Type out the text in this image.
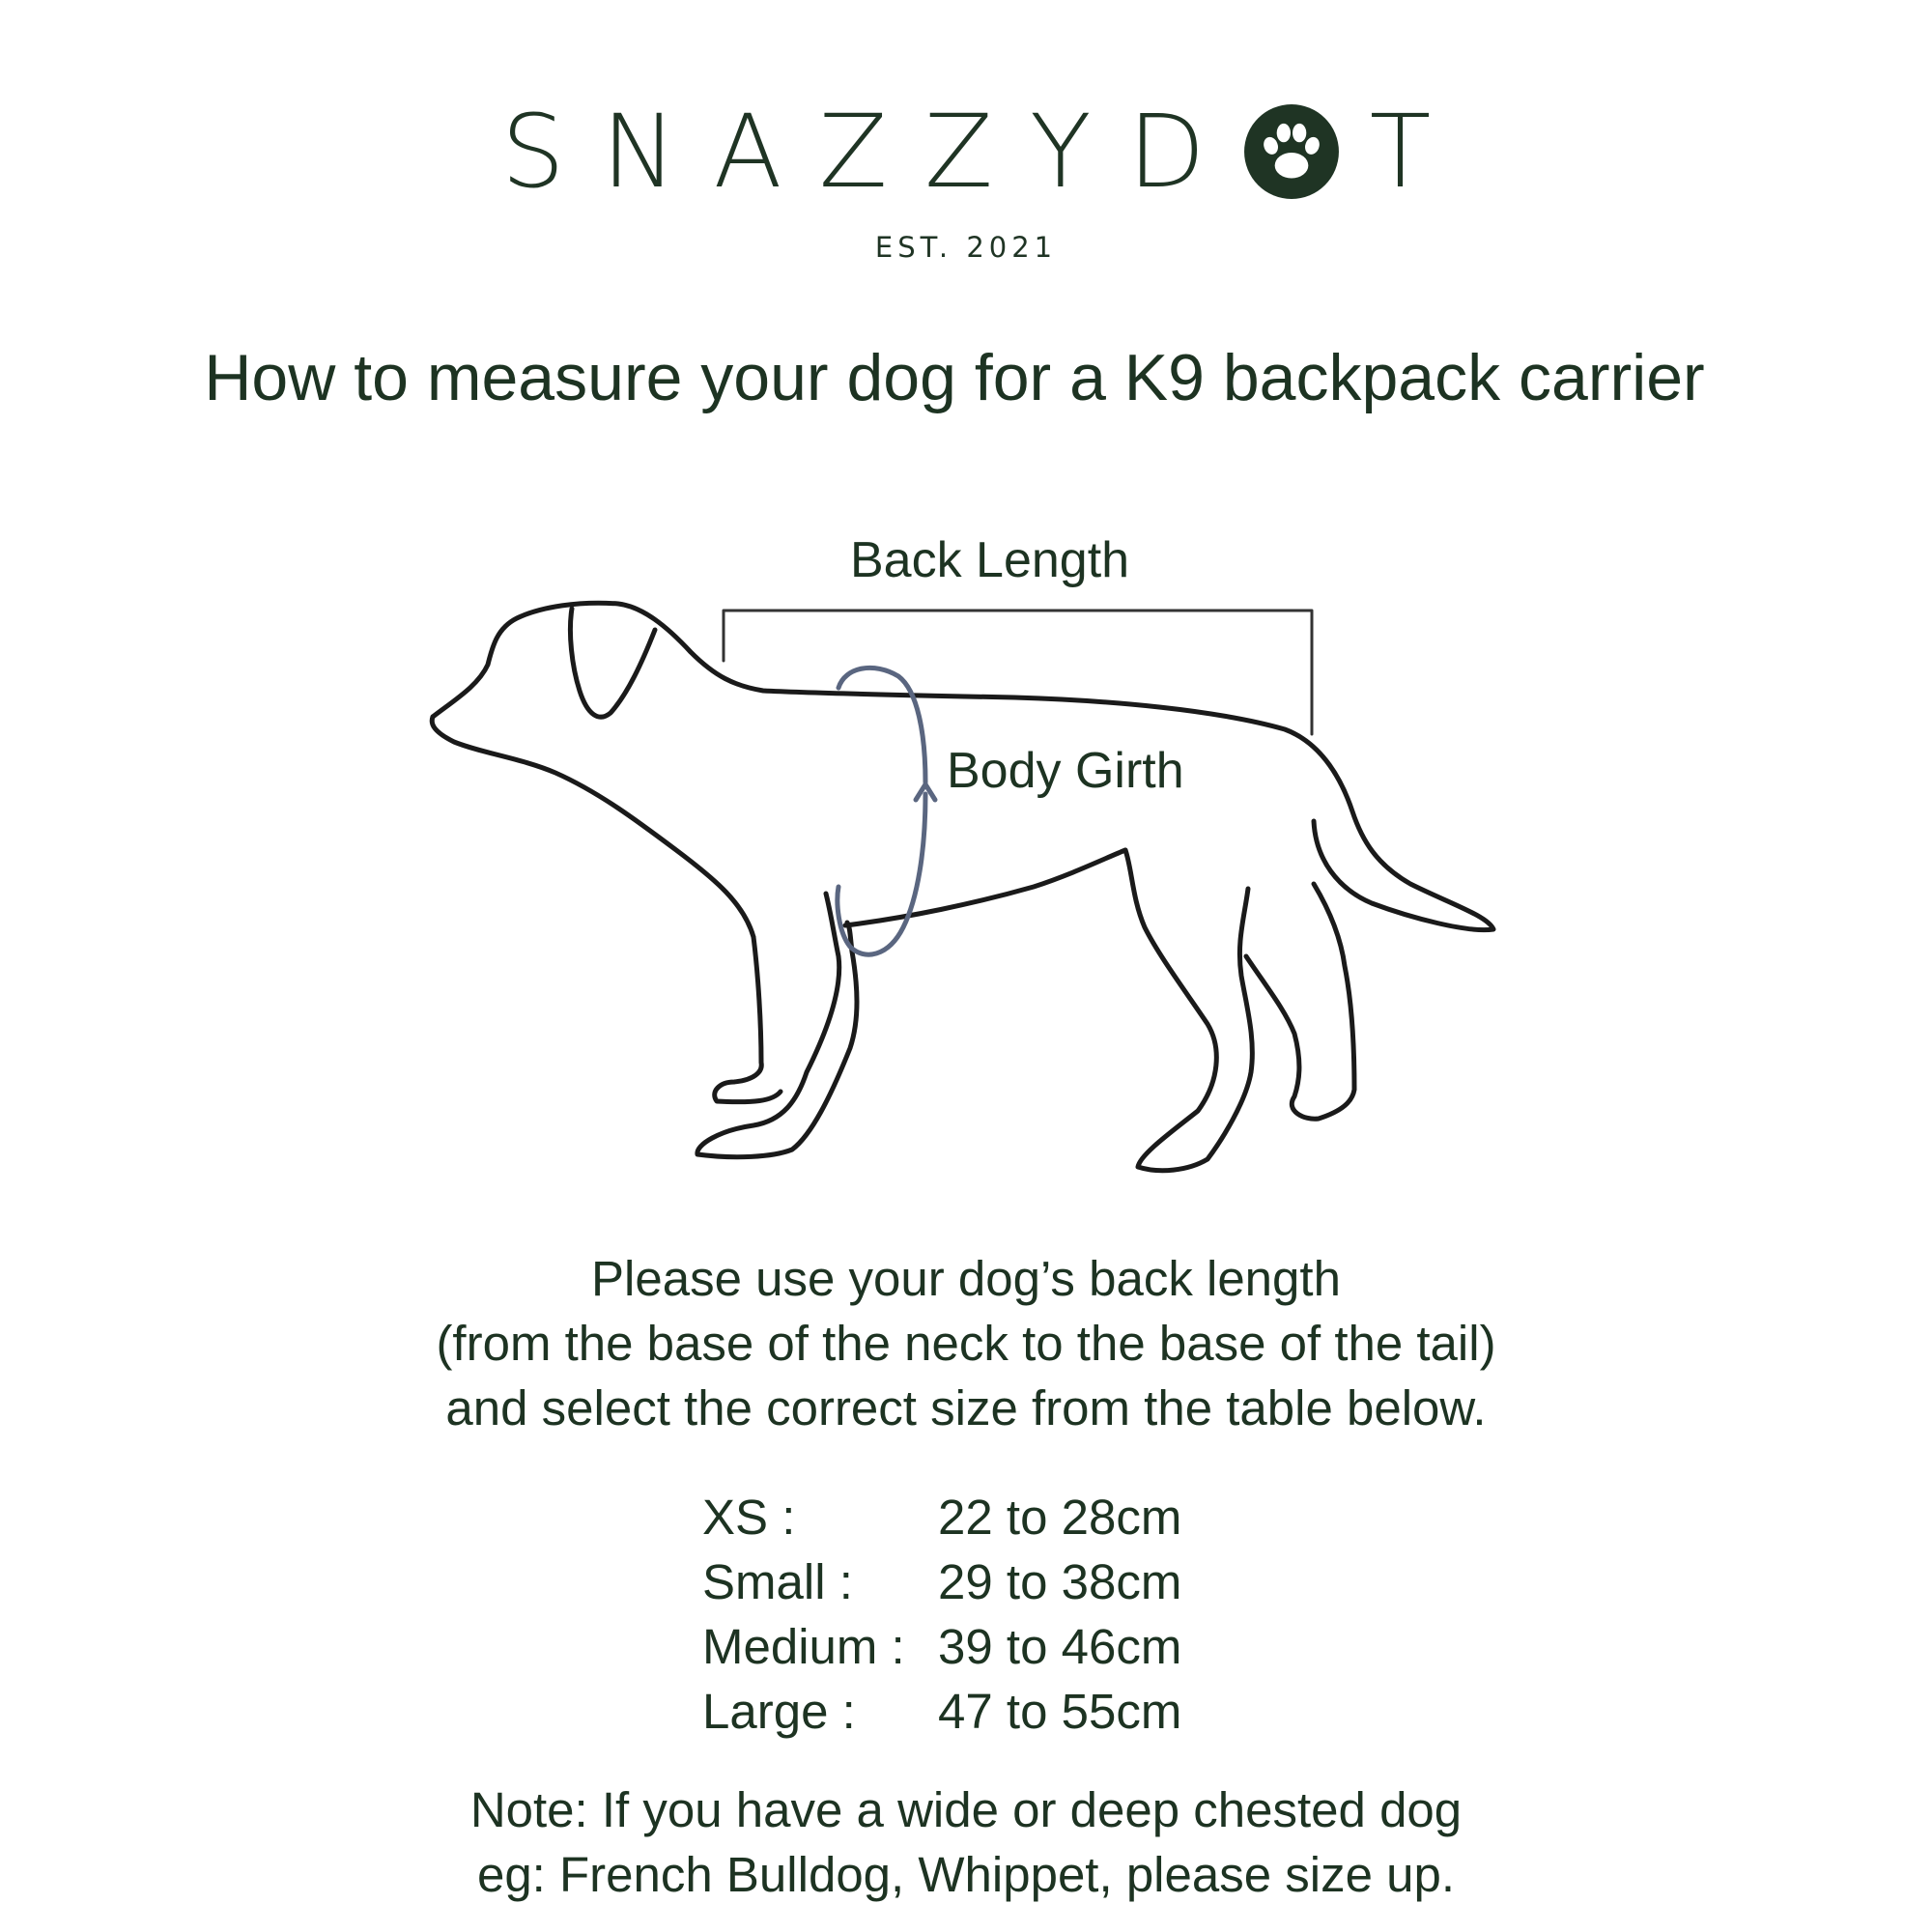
SNAZZYD T
EST. 2021
How to measure your dog for a K9 backpack carrier
Back Length
Body Girth
Please use your dog’s back length
(from the base of the neck to the base of the tail)
and select the correct size from the table below.
XS :	22 to 28cm
Small :	29 to 38cm
Medium : 39 to 46cm
Large :	47 to 55cm
Note: If you have a wide or deep chested dog
eg: French Bulldog, Whippet, please size up.
